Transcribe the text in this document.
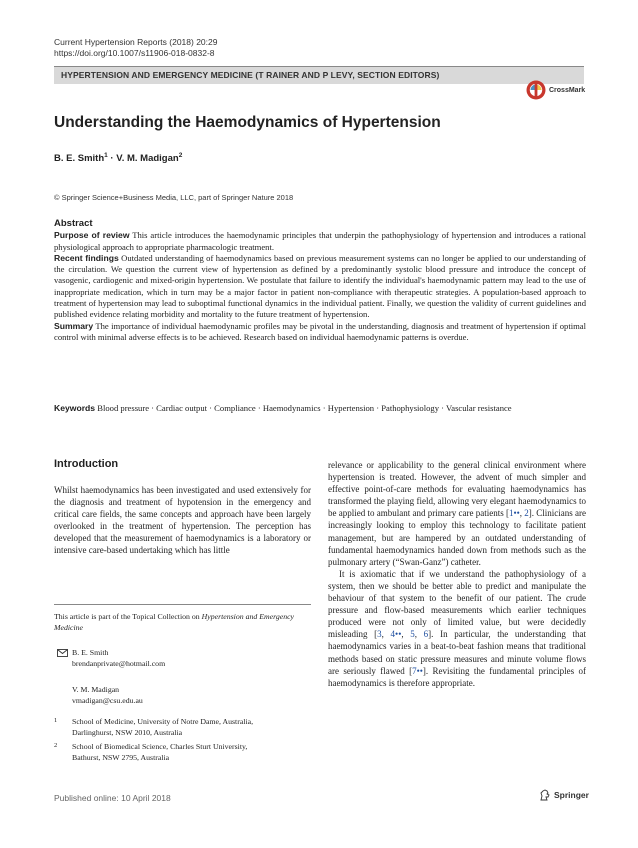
Current Hypertension Reports (2018) 20:29
https://doi.org/10.1007/s11906-018-0832-8
HYPERTENSION AND EMERGENCY MEDICINE (T RAINER AND P LEVY, SECTION EDITORS)
CrossMark
Understanding the Haemodynamics of Hypertension
B. E. Smith$^1$ · V. M. Madigan$^2$
© Springer Science+Business Media, LLC, part of Springer Nature 2018
Abstract

Purpose of review This article introduces the haemodynamic principles that underpin the pathophysiology of hypertension and introduces a rational physiological approach to appropriate pharmacologic treatment.

Recent findings Outdated understanding of haemodynamics based on previous measurement systems can no longer be applied to our understanding of the circulation. We question the current view of hypertension as defined by a predominantly systolic blood pressure and introduce the concept of vasogenic, cardiogenic and mixed-origin hypertension. We postulate that failure to identify the individual's haemodynamic pattern may lead to the use of inappropriate medication, which in turn may be a major factor in patient non-compliance with therapeutic strategies. A population-based approach to treatment of hypertension may lead to suboptimal functional dynamics in the individual patient. Finally, we question the validity of current guidelines and published evidence relating morbidity and mortality to the future treatment of hypertension.

Summary The importance of individual haemodynamic profiles may be pivotal in the understanding, diagnosis and treatment of hypertension if optimal control with minimal adverse effects is to be achieved. Research based on individual haemodynamic patterns is overdue.

Keywords Blood pressure · Cardiac output · Compliance · Haemodynamics · Hypertension · Pathophysiology · Vascular resistance
Introduction

Whilst haemodynamics has been investigated and used extensively for the diagnosis and treatment of hypotension in the emergency and critical care fields, the same concepts and approach have been largely overlooked in the treatment of hypertension. The perception has developed that the measurement of haemodynamics is a laboratory or intensive care-based undertaking which has little

relevance or applicability to the general clinical environment where hypertension is treated. However, the advent of much simpler and effective point-of-care methods for evaluating haemodynamics has transformed the playing field, allowing very elegant haemodynamics to be applied to ambulant and primary care patients [1••, 2]. Clinicians are increasingly looking to employ this technology to facilitate patient management, but are hampered by an outdated understanding of fundamental haemodynamics handed down from methods such as the pulmonary artery (“Swan-Ganz”) catheter.

It is axiomatic that if we understand the pathophysiology of a system, then we should be better able to predict and manipulate the behaviour of that system to the benefit of our patient. The crude pressure and flow-based measurements which earlier techniques produced were not only of limited value, but were decidedly misleading [3, 4••, 5, 6]. In particular, the understanding that haemodynamics varies in a beat-to-beat fashion means that traditional methods based on static pressure measures and minute volume flows are seriously flawed [7••]. Revisiting the fundamental principles of haemodynamics is therefore appropriate.

This article is part of the Topical Collection on Hypertension and Emergency Medicine
B. E. Smith
brendanprivate@hotmail.com
V. M. Madigan
vmadigan@csu.edu.au
1 School of Medicine, University of Notre Dame, Australia,
Darlinghurst, NSW 2010, Australia
2 School of Biomedical Science, Charles Sturt University,
Bathurst, NSW 2795, Australia
Published online: 10 April 2018	Springer
